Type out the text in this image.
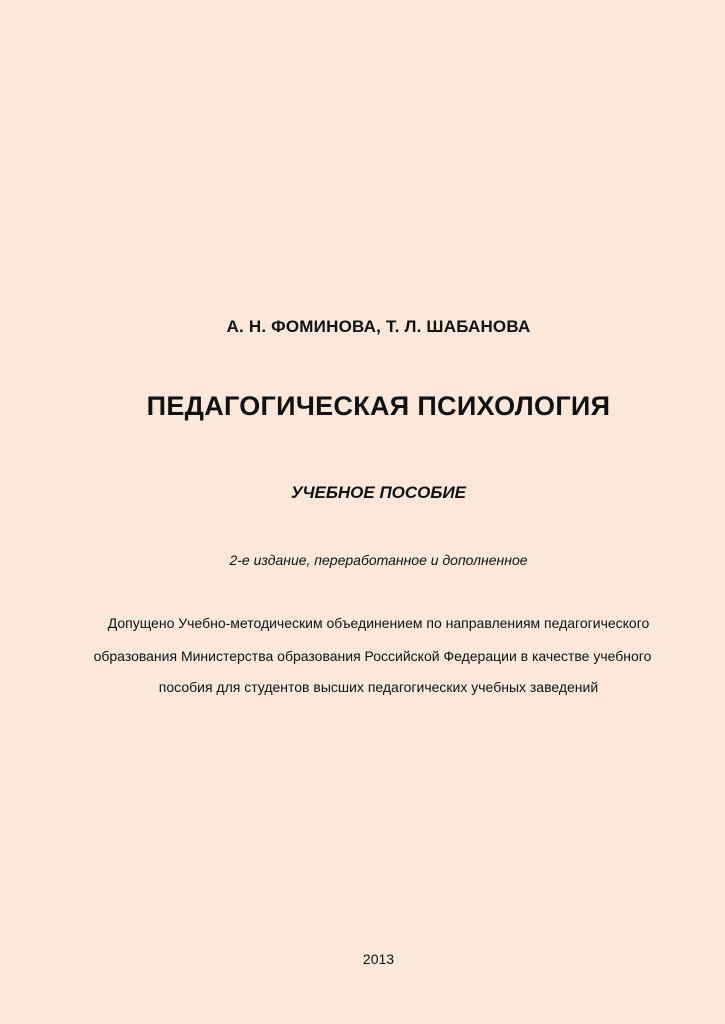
А. Н. ФОМИНОВА, Т. Л. ШАБАНОВА
ПЕДАГОГИЧЕСКАЯ ПСИХОЛОГИЯ
УЧЕБНОЕ ПОСОБИЕ
2-е издание, переработанное и дополненное
Допущено Учебно-методическим объединением по направлениям педагогического
образования Министерства образования Российской Федерации в качестве учебного
пособия для студентов высших педагогических учебных заведений
2013
